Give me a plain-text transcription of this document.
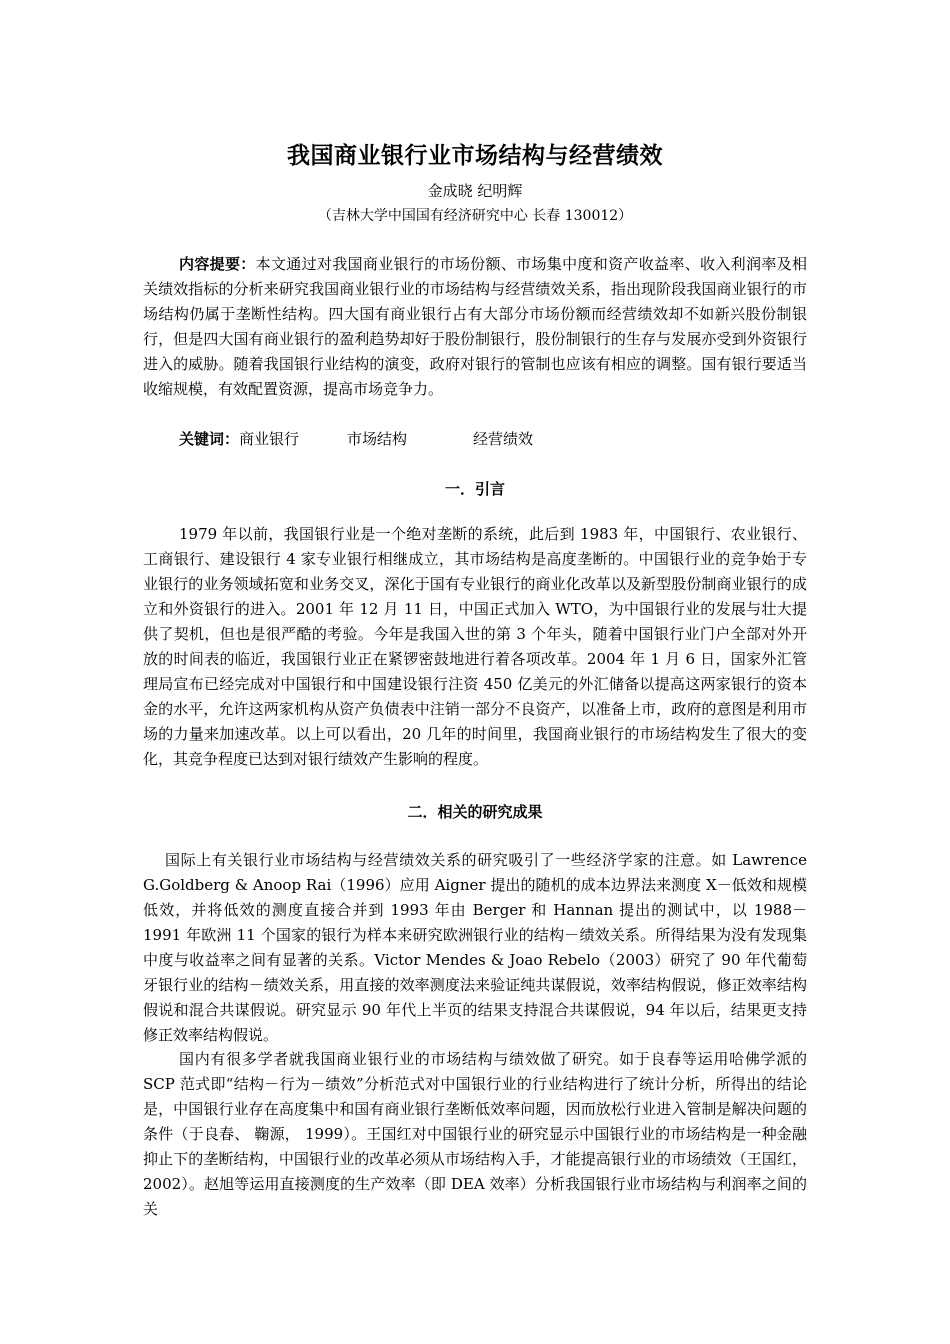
我国商业银行业市场结构与经营绩效
金成晓 纪明辉
（吉林大学中国国有经济研究中心 长春 130012）
内容提要：本文通过对我国商业银行的市场份额、市场集中度和资产收益率、收入利润率及相关绩效指标的分析来研究我国商业银行业的市场结构与经营绩效关系，指出现阶段我国商业银行的市场结构仍属于垄断性结构。四大国有商业银行占有大部分市场份额而经营绩效却不如新兴股份制银行，但是四大国有商业银行的盈利趋势却好于股份制银行，股份制银行的生存与发展亦受到外资银行进入的威胁。随着我国银行业结构的演变，政府对银行的管制也应该有相应的调整。国有银行要适当收缩规模，有效配置资源，提高市场竞争力。
关键词：商业银行	市场结构	经营绩效
一．引言
1979 年以前，我国银行业是一个绝对垄断的系统，此后到 1983 年，中国银行、农业银行、工商银行、建设银行 4 家专业银行相继成立，其市场结构是高度垄断的。中国银行业的竞争始于专业银行的业务领域拓宽和业务交叉，深化于国有专业银行的商业化改革以及新型股份制商业银行的成立和外资银行的进入。2001 年 12 月 11 日，中国正式加入 WTO，为中国银行业的发展与壮大提供了契机，但也是很严酷的考验。今年是我国入世的第 3 个年头，随着中国银行业门户全部对外开放的时间表的临近，我国银行业正在紧锣密鼓地进行着各项改革。2004 年 1 月 6 日，国家外汇管理局宣布已经完成对中国银行和中国建设银行注资 450 亿美元的外汇储备以提高这两家银行的资本金的水平，允许这两家机构从资产负债表中注销一部分不良资产，以准备上市，政府的意图是利用市场的力量来加速改革。以上可以看出，20 几年的时间里，我国商业银行的市场结构发生了很大的变化，其竞争程度已达到对银行绩效产生影响的程度。
二．相关的研究成果
国际上有关银行业市场结构与经营绩效关系的研究吸引了一些经济学家的注意。如 Lawrence G.Goldberg & Anoop Rai（1996）应用 Aigner 提出的随机的成本边界法来测度 X－低效和规模低效，并将低效的测度直接合并到 1993 年由 Berger 和 Hannan 提出的测试中，以 1988－1991 年欧洲 11 个国家的银行为样本来研究欧洲银行业的结构－绩效关系。所得结果为没有发现集中度与收益率之间有显著的关系。Victor Mendes & Joao Rebelo（2003）研究了 90 年代葡萄牙银行业的结构－绩效关系，用直接的效率测度法来验证纯共谋假说，效率结构假说，修正效率结构假说和混合共谋假说。研究显示 90 年代上半页的结果支持混合共谋假说，94 年以后，结果更支持修正效率结构假说。
国内有很多学者就我国商业银行业的市场结构与绩效做了研究。如于良春等运用哈佛学派的 SCP 范式即“结构－行为－绩效”分析范式对中国银行业的行业结构进行了统计分析，所得出的结论是，中国银行业存在高度集中和国有商业银行垄断低效率问题，因而放松行业进入管制是解决问题的条件（于良春、 鞠源， 1999）。王国红对中国银行业的研究显示中国银行业的市场结构是一种金融抑止下的垄断结构，中国银行业的改革必须从市场结构入手，才能提高银行业的市场绩效（王国红，2002）。赵旭等运用直接测度的生产效率（即 DEA 效率）分析我国银行业市场结构与利润率之间的关
